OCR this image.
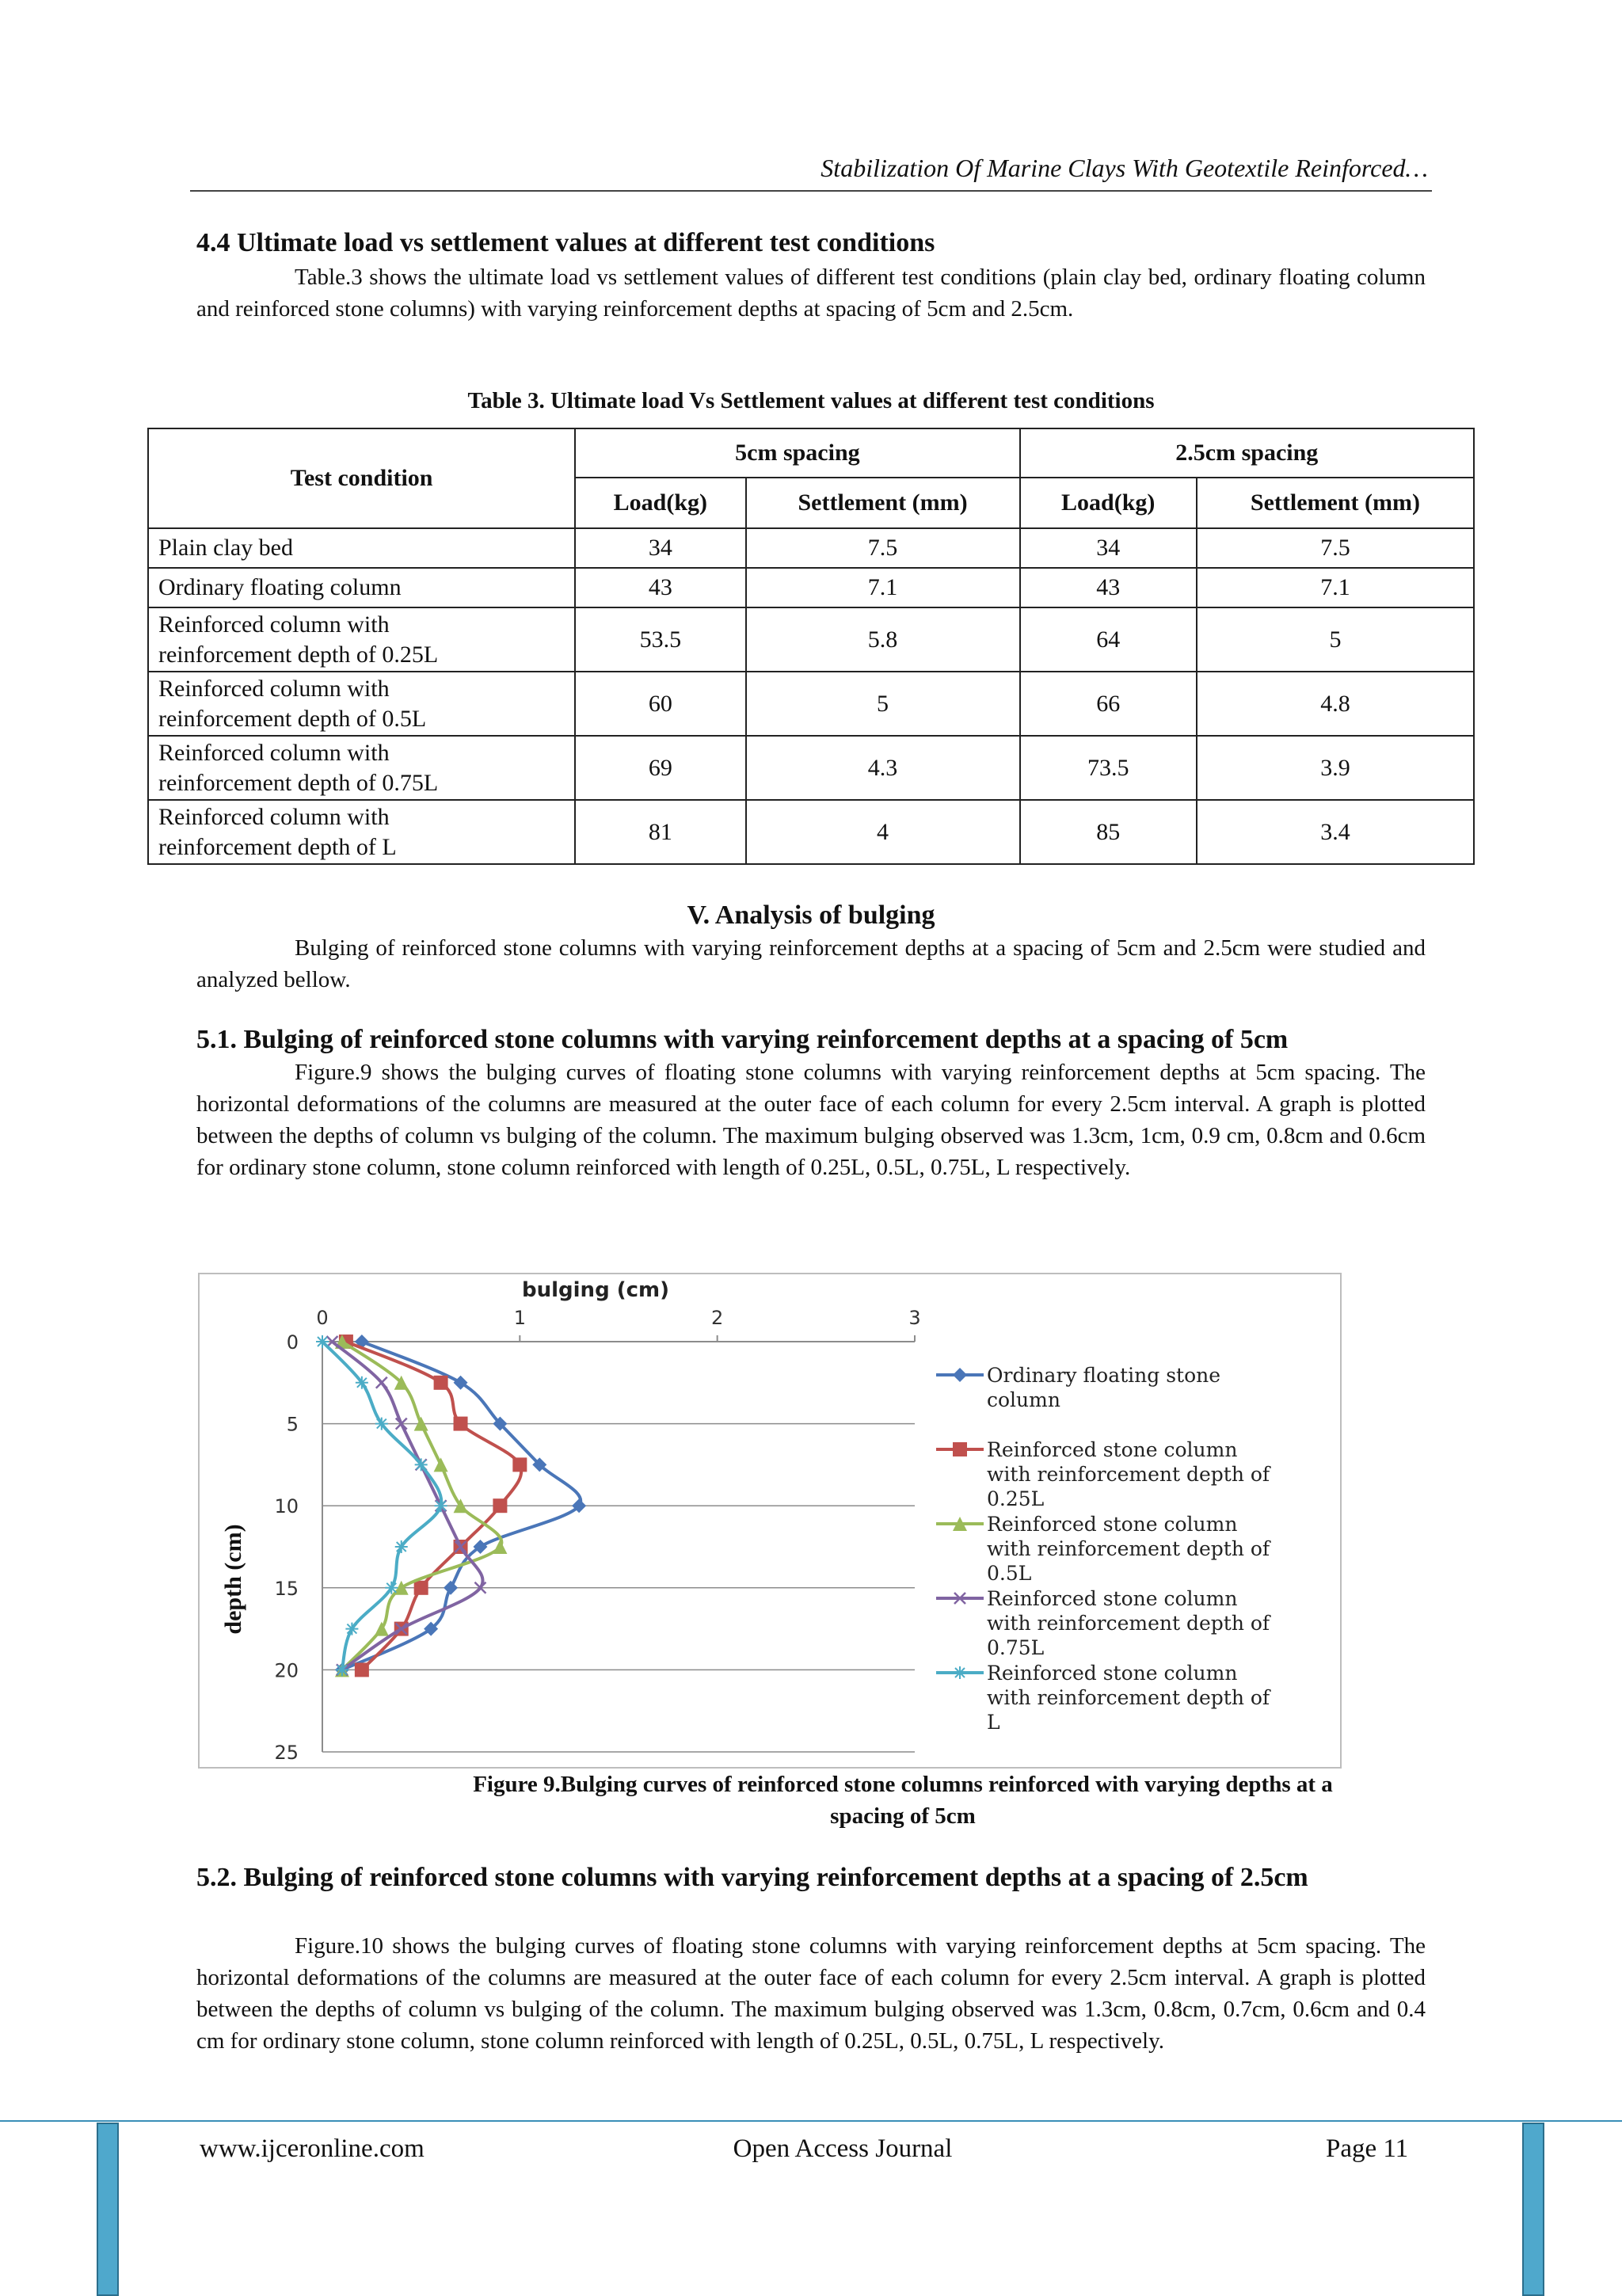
Stabilization Of Marine Clays With Geotextile Reinforced…
4.4 Ultimate load vs settlement values at different test conditions
Table.3 shows the ultimate load vs settlement values of different test conditions (plain clay bed, ordinary floating column and reinforced stone columns) with varying reinforcement depths at spacing of 5cm and 2.5cm.
Table 3. Ultimate load Vs Settlement values at different test conditions
Test condition	5cm spacing		2.5cm spacing	
	Load(kg)	Settlement (mm)	Load(kg)	Settlement (mm)
Plain clay bed	34	7.5	34	7.5
Ordinary floating column	43	7.1	43	7.1
Reinforced column with
reinforcement depth of 0.25L	53.5	5.8	64	5
Reinforced column with
reinforcement depth of 0.5L	60	5	66	4.8
Reinforced column with
reinforcement depth of 0.75L	69	4.3	73.5	3.9
Reinforced column with
reinforcement depth of L	81	4	85	3.4
V. Analysis of bulging
Bulging of reinforced stone columns with varying reinforcement depths at a spacing of 5cm and 2.5cm were studied and analyzed bellow.
5.1. Bulging of reinforced stone columns with varying reinforcement depths at a spacing of 5cm
Figure.9 shows the bulging curves of floating stone columns with varying reinforcement depths at 5cm spacing. The horizontal deformations of the columns are measured at the outer face of each column for every 2.5cm interval. A graph is plotted between the depths of column vs bulging of the column. The maximum bulging observed was 1.3cm, 1cm, 0.9 cm, 0.8cm and 0.6cm for ordinary stone column, stone column reinforced with length of 0.25L, 0.5L, 0.75L, L respectively.
0
5
10
15
20
25
0	1	2	3
Ordinary floating stone
column
Reinforced stone column
with reinforcement depth of
0.25L
Reinforced stone column
with reinforcement depth of
0.5L
Reinforced stone column
with reinforcement depth of
0.75L
Reinforced stone column
with reinforcement depth of
L
bulging (cm)
depth (cm)
Figure 9.Bulging curves of reinforced stone columns reinforced with varying depths at a
spacing of 5cm
5.2. Bulging of reinforced stone columns with varying reinforcement depths at a spacing of 2.5cm
Figure.10 shows the bulging curves of floating stone columns with varying reinforcement depths at 5cm spacing. The horizontal deformations of the columns are measured at the outer face of each column for every 2.5cm interval. A graph is plotted between the depths of column vs bulging of the column. The maximum bulging observed was 1.3cm, 0.8cm, 0.7cm, 0.6cm and 0.4 cm for ordinary stone column, stone column reinforced with length of 0.25L, 0.5L, 0.75L, L respectively.
www.ijceronline.com	Open Access Journal	Page 11
